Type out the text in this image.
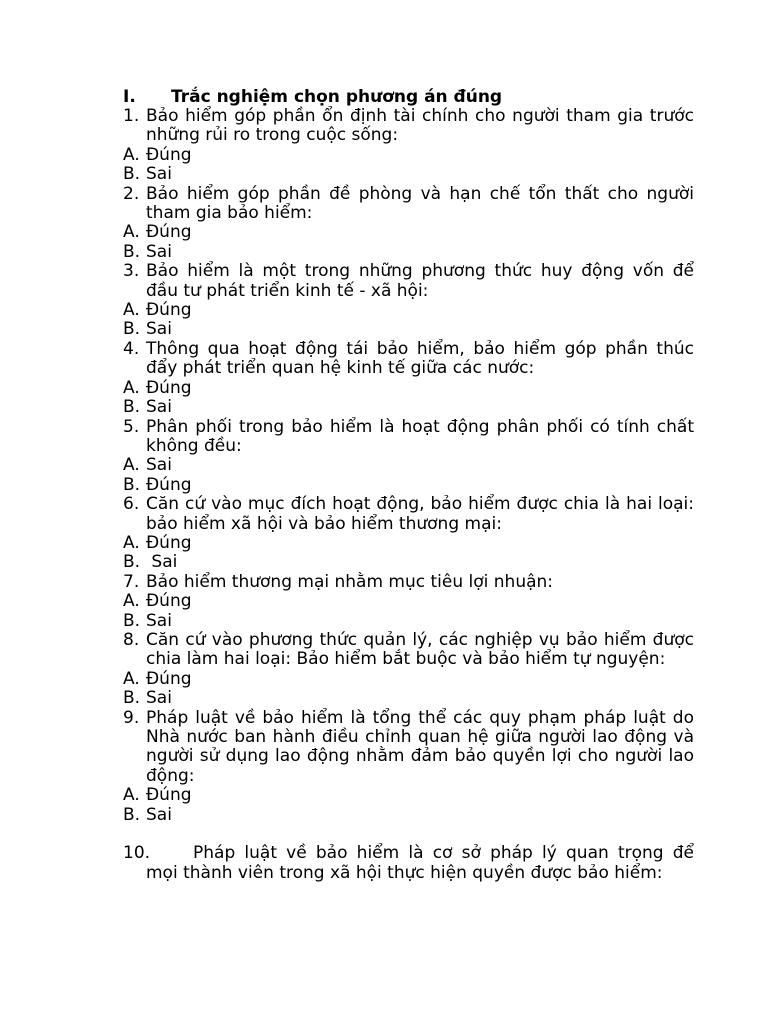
I.	Trắc nghiệm chọn phương án đúng
1. Bảo hiểm góp phần ổn định tài chính cho người tham gia trước những rủi ro trong cuộc sống:
A. Đúng
B. Sai
2. Bảo hiểm góp phần đề phòng và hạn chế tổn thất cho người tham gia bảo hiểm:
A. Đúng
B. Sai
3. Bảo hiểm là một trong những phương thức huy động vốn để đầu tư phát triển kinh tế - xã hội:
A. Đúng
B. Sai
4. Thông qua hoạt động tái bảo hiểm, bảo hiểm góp phần thúc đẩy phát triển quan hệ kinh tế giữa các nước:
A. Đúng
B. Sai
5. Phân phối trong bảo hiểm là hoạt động phân phối có tính chất không đều:
A. Sai
B. Đúng
6. Căn cứ vào mục đích hoạt động, bảo hiểm được chia là hai loại: bảo hiểm xã hội và bảo hiểm thương mại:
A. Đúng
B. Sai
7. Bảo hiểm thương mại nhằm mục tiêu lợi nhuận:
A. Đúng
B. Sai
8. Căn cứ vào phương thức quản lý, các nghiệp vụ bảo hiểm được chia làm hai loại: Bảo hiểm bắt buộc và bảo hiểm tự nguyện:
A. Đúng
B. Sai
9. Pháp luật về bảo hiểm là tổng thể các quy phạm pháp luật do Nhà nước ban hành điều chỉnh quan hệ giữa người lao động và người sử dụng lao động nhằm đảm bảo quyền lợi cho người lao động:
A. Đúng
B. Sai
10.	Pháp luật về bảo hiểm là cơ sở pháp lý quan trọng để
mọi thành viên trong xã hội thực hiện quyền được bảo hiểm:
